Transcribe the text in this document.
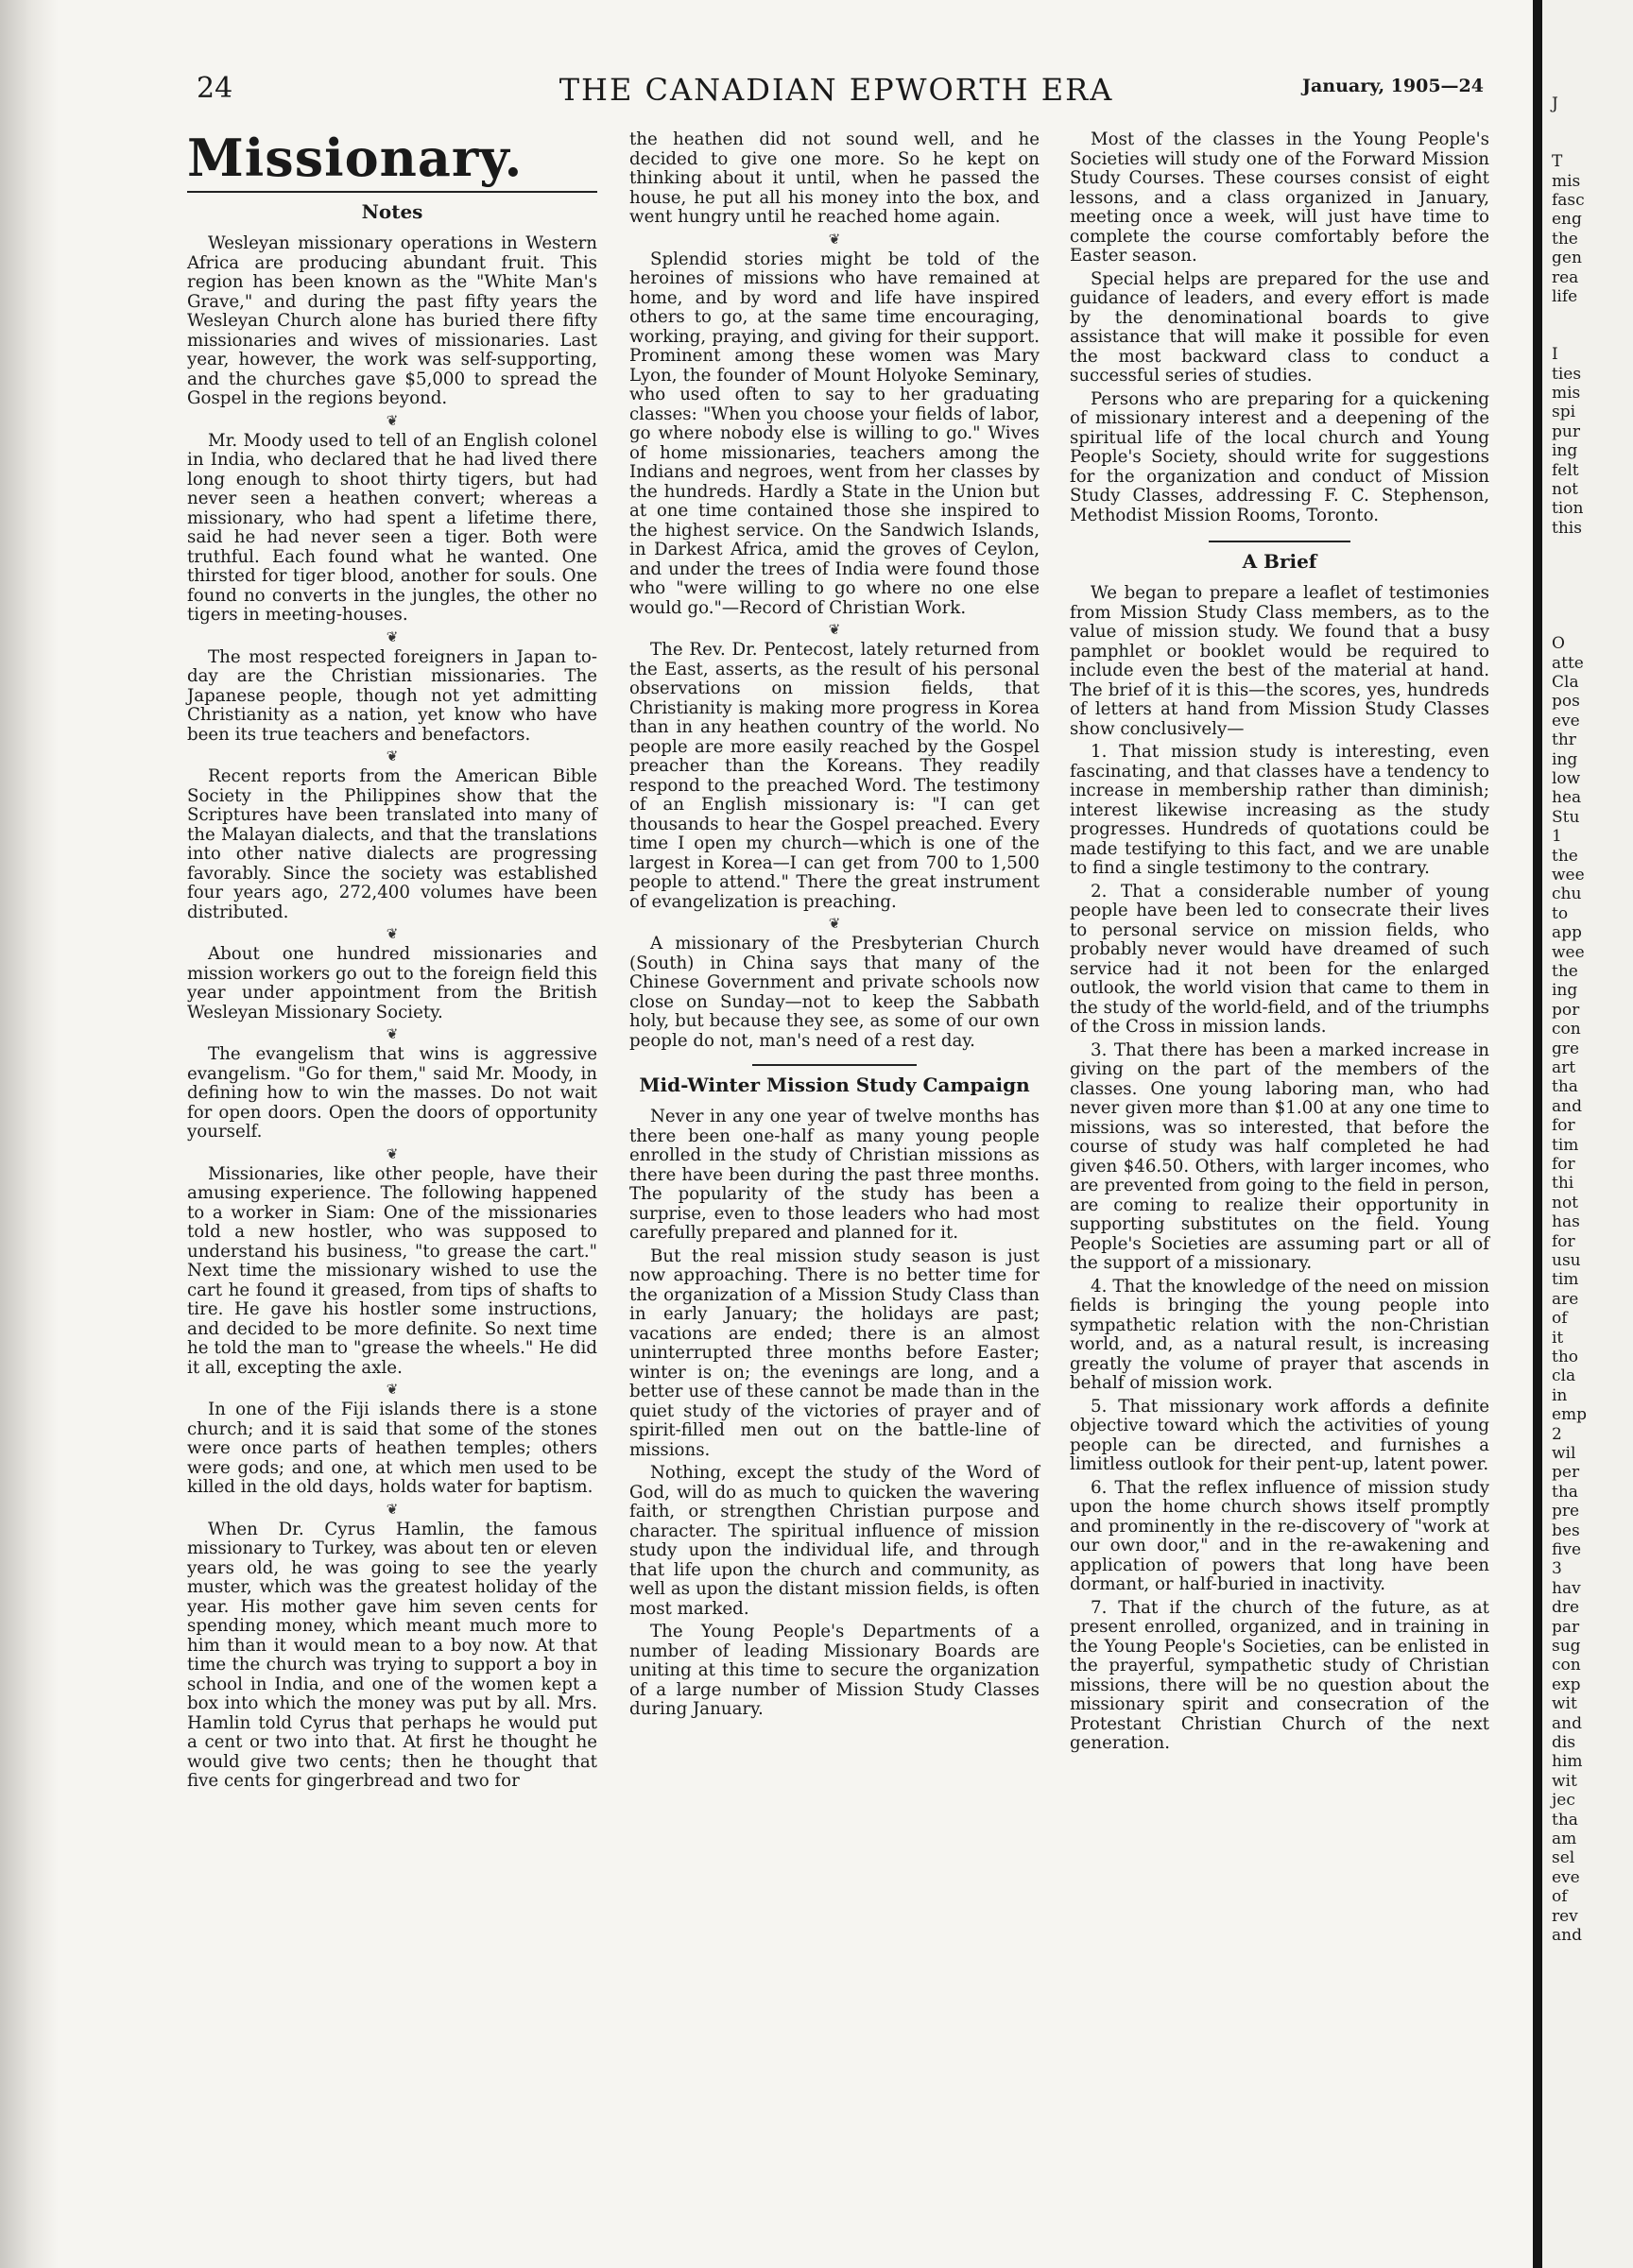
24	THE CANADIAN EPWORTH ERA	January, 1905—24
Missionary.
Notes

Wesleyan missionary operations in Western Africa are producing abundant fruit. This region has been known as the "White Man's Grave," and during the past fifty years the Wesleyan Church alone has buried there fifty missionaries and wives of missionaries. Last year, however, the work was self-supporting, and the churches gave $5,000 to spread the Gospel in the regions beyond.

❦

Mr. Moody used to tell of an English colonel in India, who declared that he had lived there long enough to shoot thirty tigers, but had never seen a heathen convert; whereas a missionary, who had spent a lifetime there, said he had never seen a tiger. Both were truthful. Each found what he wanted. One thirsted for tiger blood, another for souls. One found no converts in the jungles, the other no tigers in meeting-houses.

❦

The most respected foreigners in Japan to-day are the Christian missionaries. The Japanese people, though not yet admitting Christianity as a nation, yet know who have been its true teachers and benefactors.

❦

Recent reports from the American Bible Society in the Philippines show that the Scriptures have been translated into many of the Malayan dialects, and that the translations into other native dialects are progressing favorably. Since the society was established four years ago, 272,400 volumes have been distributed.

❦

About one hundred missionaries and mission workers go out to the foreign field this year under appointment from the British Wesleyan Missionary Society.

❦

The evangelism that wins is aggressive evangelism. "Go for them," said Mr. Moody, in defining how to win the masses. Do not wait for open doors. Open the doors of opportunity yourself.

❦

Missionaries, like other people, have their amusing experience. The following happened to a worker in Siam: One of the missionaries told a new hostler, who was supposed to understand his business, "to grease the cart." Next time the missionary wished to use the cart he found it greased, from tips of shafts to tire. He gave his hostler some instructions, and decided to be more definite. So next time he told the man to "grease the wheels." He did it all, excepting the axle.

❦

In one of the Fiji islands there is a stone church; and it is said that some of the stones were once parts of heathen temples; others were gods; and one, at which men used to be killed in the old days, holds water for baptism.

❦

When Dr. Cyrus Hamlin, the famous missionary to Turkey, was about ten or eleven years old, he was going to see the yearly muster, which was the greatest holiday of the year. His mother gave him seven cents for spending money, which meant much more to him than it would mean to a boy now. At that time the church was trying to support a boy in school in India, and one of the women kept a box into which the money was put by all. Mrs. Hamlin told Cyrus that perhaps he would put a cent or two into that. At first he thought he would give two cents; then he thought that five cents for gingerbread and two for

the heathen did not sound well, and he decided to give one more. So he kept on thinking about it until, when he passed the house, he put all his money into the box, and went hungry until he reached home again.

❦

Splendid stories might be told of the heroines of missions who have remained at home, and by word and life have inspired others to go, at the same time encouraging, working, praying, and giving for their support. Prominent among these women was Mary Lyon, the founder of Mount Holyoke Seminary, who used often to say to her graduating classes: "When you choose your fields of labor, go where nobody else is willing to go." Wives of home missionaries, teachers among the Indians and negroes, went from her classes by the hundreds. Hardly a State in the Union but at one time contained those she inspired to the highest service. On the Sandwich Islands, in Darkest Africa, amid the groves of Ceylon, and under the trees of India were found those who "were willing to go where no one else would go."—Record of Christian Work.

❦

The Rev. Dr. Pentecost, lately returned from the East, asserts, as the result of his personal observations on mission fields, that Christianity is making more progress in Korea than in any heathen country of the world. No people are more easily reached by the Gospel preacher than the Koreans. They readily respond to the preached Word. The testimony of an English missionary is: "I can get thousands to hear the Gospel preached. Every time I open my church—which is one of the largest in Korea—I can get from 700 to 1,500 people to attend." There the great instrument of evangelization is preaching.

❦

A missionary of the Presbyterian Church (South) in China says that many of the Chinese Government and private schools now close on Sunday—not to keep the Sabbath holy, but because they see, as some of our own people do not, man's need of a rest day.

Mid-Winter Mission Study Campaign

Never in any one year of twelve months has there been one-half as many young people enrolled in the study of Christian missions as there have been during the past three months. The popularity of the study has been a surprise, even to those leaders who had most carefully prepared and planned for it.

But the real mission study season is just now approaching. There is no better time for the organization of a Mission Study Class than in early January; the holidays are past; vacations are ended; there is an almost uninterrupted three months before Easter; winter is on; the evenings are long, and a better use of these cannot be made than in the quiet study of the victories of prayer and of spirit-filled men out on the battle-line of missions.

Nothing, except the study of the Word of God, will do as much to quicken the wavering faith, or strengthen Christian purpose and character. The spiritual influence of mission study upon the individual life, and through that life upon the church and community, as well as upon the distant mission fields, is often most marked.

The Young People's Departments of a number of leading Missionary Boards are uniting at this time to secure the organization of a large number of Mission Study Classes during January.

Most of the classes in the Young People's Societies will study one of the Forward Mission Study Courses. These courses consist of eight lessons, and a class organized in January, meeting once a week, will just have time to complete the course comfortably before the Easter season.

Special helps are prepared for the use and guidance of leaders, and every effort is made by the denominational boards to give assistance that will make it possible for even the most backward class to conduct a successful series of studies.

Persons who are preparing for a quickening of missionary interest and a deepening of the spiritual life of the local church and Young People's Society, should write for suggestions for the organization and conduct of Mission Study Classes, addressing F. C. Stephenson, Methodist Mission Rooms, Toronto.

A Brief

We began to prepare a leaflet of testimonies from Mission Study Class members, as to the value of mission study. We found that a busy pamphlet or booklet would be required to include even the best of the material at hand. The brief of it is this—the scores, yes, hundreds of letters at hand from Mission Study Classes show conclusively—

1. That mission study is interesting, even fascinating, and that classes have a tendency to increase in membership rather than diminish; interest likewise increasing as the study progresses. Hundreds of quotations could be made testifying to this fact, and we are unable to find a single testimony to the contrary.

2. That a considerable number of young people have been led to consecrate their lives to personal service on mission fields, who probably never would have dreamed of such service had it not been for the enlarged outlook, the world vision that came to them in the study of the world-field, and of the triumphs of the Cross in mission lands.

3. That there has been a marked increase in giving on the part of the members of the classes. One young laboring man, who had never given more than $1.00 at any one time to missions, was so interested, that before the course of study was half completed he had given $46.50. Others, with larger incomes, who are prevented from going to the field in person, are coming to realize their opportunity in supporting substitutes on the field. Young People's Societies are assuming part or all of the support of a missionary.

4. That the knowledge of the need on mission fields is bringing the young people into sympathetic relation with the non-Christian world, and, as a natural result, is increasing greatly the volume of prayer that ascends in behalf of mission work.

5. That missionary work affords a definite objective toward which the activities of young people can be directed, and furnishes a limitless outlook for their pent-up, latent power.

6. That the reflex influence of mission study upon the home church shows itself promptly and prominently in the re-discovery of "work at our own door," and in the re-awakening and application of powers that long have been dormant, or half-buried in inactivity.

7. That if the church of the future, as at present enrolled, organized, and in training in the Young People's Societies, can be enlisted in the prayerful, sympathetic study of Christian missions, there will be no question about the missionary spirit and consecration of the Protestant Christian Church of the next generation.

J
T
mis
fasc
eng
the
gen
rea
life
I
ties
mis
spi
pur
ing
felt
not
tion
this
O
atte
Cla
pos
eve
thr
ing
low
hea
Stu
1
the
wee
chu
to
app
wee
the
ing
por
con
gre
art
tha
and
for
tim
for
thi
not
has
for
usu
tim
are
of
it
tho
cla
in
emp
2
wil
per
tha
pre
bes
five
3
hav
dre
par
sug
con
exp
wit
and
dis
him
wit
jec
tha
am
sel
eve
of
rev
and
